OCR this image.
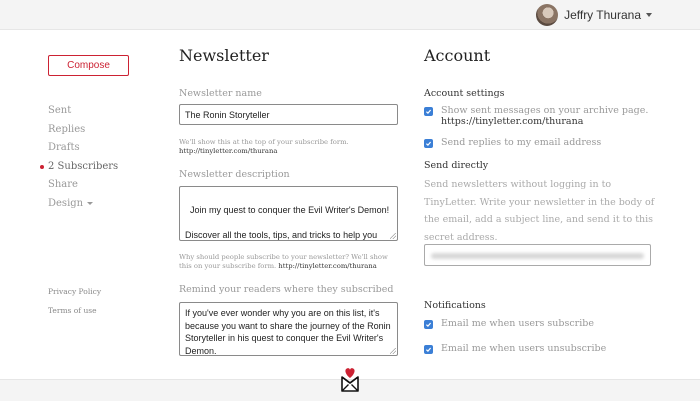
Jeffry Thurana
Compose
Sent
Replies
Drafts
2 Subscribers
Share
Design
Privacy Policy
Terms of use
Newsletter
Newsletter name
The Ronin Storyteller
We'll show this at the top of your subscribe form.
http://tinyletter.com/thurana
Newsletter description

Join my quest to conquer the Evil Writer's Demon!

Discover all the tools, tips, and tricks to help you

Why should people subscribe to your newsletter? We'll show this on your subscribe form. http://tinyletter.com/thurana
Remind your readers where they subscribed
If you've ever wonder why you are on this list, it's because you want to share the journey of the Ronin Storyteller in his quest to conquer the Evil Writer's Demon.
Account
Account settings
Show sent messages on your archive page.
https://tinyletter.com/thurana
Send replies to my email address
Send directly
Send newsletters without logging in to TinyLetter. Write your newsletter in the body of the email, add a subject line, and send it to this secret address.
Notifications
Email me when users subscribe
Email me when users unsubscribe
